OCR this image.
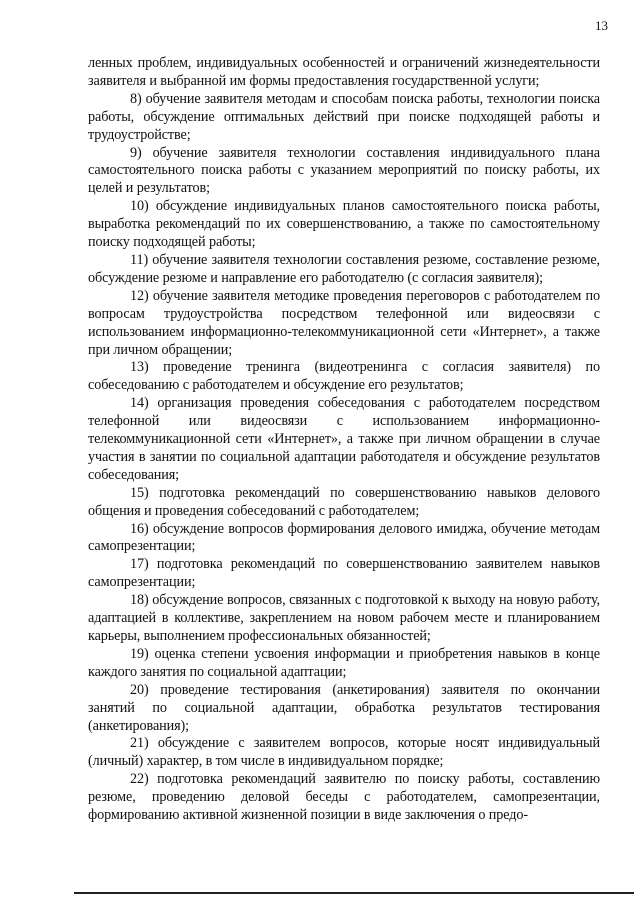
13

ленных проблем, индивидуальных особенностей и ограничений жизнедеятельности заявителя и выбранной им формы предоставления государственной услуги;

8) обучение заявителя методам и способам поиска работы, технологии поиска работы, обсуждение оптимальных действий при поиске подходящей работы и трудоустройстве;

9) обучение заявителя технологии составления индивидуального плана самостоятельного поиска работы с указанием мероприятий по поиску работы, их целей и результатов;

10) обсуждение индивидуальных планов самостоятельного поиска работы, выработка рекомендаций по их совершенствованию, а также по самостоятельному поиску подходящей работы;

11) обучение заявителя технологии составления резюме, составление резюме, обсуждение резюме и направление его работодателю (с согласия заявителя);

12) обучение заявителя методике проведения переговоров с работодателем по вопросам трудоустройства посредством телефонной или видеосвязи с использованием информационно-телекоммуникационной сети «Интернет», а также при личном обращении;

13) проведение тренинга (видеотренинга с согласия заявителя) по собеседованию с работодателем и обсуждение его результатов;

14) организация проведения собеседования с работодателем посредством телефонной или видеосвязи с использованием информационно-телекоммуникационной сети «Интернет», а также при личном обращении в случае участия в занятии по социальной адаптации работодателя и обсуждение результатов собеседования;

15) подготовка рекомендаций по совершенствованию навыков делового общения и проведения собеседований с работодателем;

16) обсуждение вопросов формирования делового имиджа, обучение методам самопрезентации;

17) подготовка рекомендаций по совершенствованию заявителем навыков самопрезентации;

18) обсуждение вопросов, связанных с подготовкой к выходу на новую работу, адаптацией в коллективе, закреплением на новом рабочем месте и планированием карьеры, выполнением профессиональных обязанностей;

19) оценка степени усвоения информации и приобретения навыков в конце каждого занятия по социальной адаптации;

20) проведение тестирования (анкетирования) заявителя по окончании занятий по социальной адаптации, обработка результатов тестирования (анкетирования);

21) обсуждение с заявителем вопросов, которые носят индивидуальный (личный) характер, в том числе в индивидуальном порядке;

22) подготовка рекомендаций заявителю по поиску работы, составлению резюме, проведению деловой беседы с работодателем, самопрезентации, формированию активной жизненной позиции в виде заключения о предо-
